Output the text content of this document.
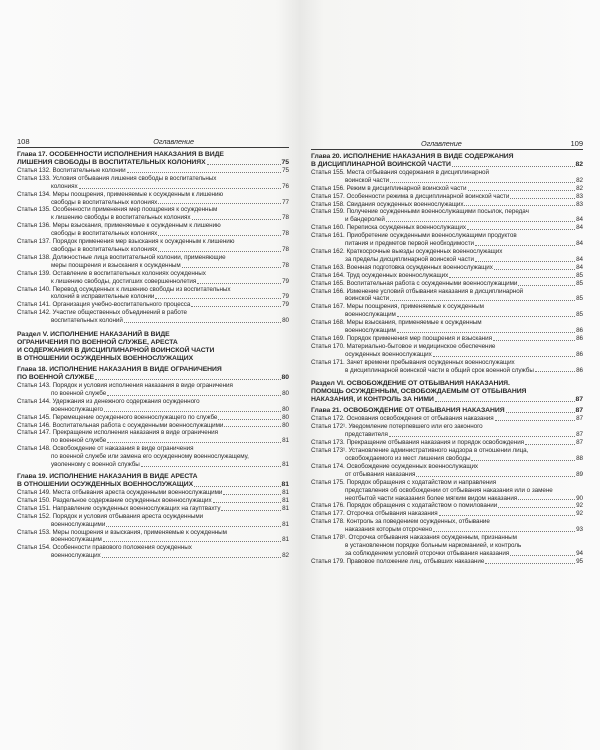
108	Оглавление
Глава 17. ОСОБЕННОСТИ ИСПОЛНЕНИЯ НАКАЗАНИЯ В ВИДЕ
ЛИШЕНИЯ СВОБОДЫ В ВОСПИТАТЕЛЬНЫХ КОЛОНИЯХ	75
Статья 132. Воспитательные колонии	75
Статья 133. Условия отбывания лишения свободы в воспитательных
колониях	76
Статья 134. Меры поощрения, применяемые к осужденным к лишению
свободы в воспитательных колониях	77
Статья 135. Особенности применения мер поощрения к осужденным
к лишению свободы в воспитательных колониях	78
Статья 136. Меры взыскания, применяемые к осужденным к лишению
свободы в воспитательных колониях	78
Статья 137. Порядок применения мер взыскания к осужденным к лишению
свободы в воспитательных колониях	78
Статья 138. Должностные лица воспитательной колонии, применяющие
меры поощрения и взыскания к осужденным	78
Статья 139. Оставление в воспитательных колониях осужденных
к лишению свободы, достигших совершеннолетия	79
Статья 140. Перевод осужденных к лишению свободы из воспитательных
колоний в исправительные колонии	79
Статья 141. Организация учебно-воспитательного процесса	79
Статья 142. Участие общественных объединений в работе
воспитательных колоний	80
Раздел V. ИСПОЛНЕНИЕ НАКАЗАНИЙ В ВИДЕ
ОГРАНИЧЕНИЯ ПО ВОЕННОЙ СЛУЖБЕ, АРЕСТА
И СОДЕРЖАНИЯ В ДИСЦИПЛИНАРНОЙ ВОИНСКОЙ ЧАСТИ
В ОТНОШЕНИИ ОСУЖДЕННЫХ ВОЕННОСЛУЖАЩИХ
Глава 18. ИСПОЛНЕНИЕ НАКАЗАНИЯ В ВИДЕ ОГРАНИЧЕНИЯ
ПО ВОЕННОЙ СЛУЖБЕ	80
Статья 143. Порядок и условия исполнения наказания в виде ограничения
по военной службе	80
Статья 144. Удержания из денежного содержания осужденного
военнослужащего	80
Статья 145. Перемещение осужденного военнослужащего по службе	80
Статья 146. Воспитательная работа с осужденными военнослужащими	80
Статья 147. Прекращение исполнения наказания в виде ограничения
по военной службе	81
Статья 148. Освобождение от наказания в виде ограничения
по военной службе или замена его осужденному военнослужащему,
уволенному с военной службы	81
Глава 19. ИСПОЛНЕНИЕ НАКАЗАНИЯ В ВИДЕ АРЕСТА
В ОТНОШЕНИИ ОСУЖДЕННЫХ ВОЕННОСЛУЖАЩИХ	81
Статья 149. Места отбывания ареста осужденными военнослужащими	81
Статья 150. Раздельное содержание осужденных военнослужащих	81
Статья 151. Направление осужденных военнослужащих на гауптвахту	81
Статья 152. Порядок и условия отбывания ареста осужденными
военнослужащими	81
Статья 153. Меры поощрения и взыскания, применяемые к осужденным
военнослужащим	81
Статья 154. Особенности правового положения осужденных
военнослужащих	82
Оглавление	109
Глава 20. ИСПОЛНЕНИЕ НАКАЗАНИЯ В ВИДЕ СОДЕРЖАНИЯ
В ДИСЦИПЛИНАРНОЙ ВОИНСКОЙ ЧАСТИ	82
Статья 155. Места отбывания содержания в дисциплинарной
воинской части	82
Статья 156. Режим в дисциплинарной воинской части	82
Статья 157. Особенности режима в дисциплинарной воинской части	83
Статья 158. Свидания осужденных военнослужащих	83
Статья 159. Получение осужденными военнослужащими посылок, передач
и бандеролей	84
Статья 160. Переписка осужденных военнослужащих	84
Статья 161. Приобретение осужденными военнослужащими продуктов
питания и предметов первой необходимости	84
Статья 162. Краткосрочные выезды осужденных военнослужащих
за пределы дисциплинарной воинской части	84
Статья 163. Военная подготовка осужденных военнослужащих	84
Статья 164. Труд осужденных военнослужащих	85
Статья 165. Воспитательная работа с осужденными военнослужащими	85
Статья 166. Изменение условий отбывания наказания в дисциплинарной
воинской части	85
Статья 167. Меры поощрения, применяемые к осужденным
военнослужащим	85
Статья 168. Меры взыскания, применяемые к осужденным
военнослужащим	86
Статья 169. Порядок применения мер поощрения и взыскания	86
Статья 170. Материально-бытовое и медицинское обеспечение
осужденных военнослужащих	86
Статья 171. Зачет времени пребывания осужденных военнослужащих
в дисциплинарной воинской части в общий срок военной службы	86
Раздел VI. ОСВОБОЖДЕНИЕ ОТ ОТБЫВАНИЯ НАКАЗАНИЯ.
ПОМОЩЬ ОСУЖДЕННЫМ, ОСВОБОЖДАЕМЫМ ОТ ОТБЫВАНИЯ
НАКАЗАНИЯ, И КОНТРОЛЬ ЗА НИМИ	87
Глава 21. ОСВОБОЖДЕНИЕ ОТ ОТБЫВАНИЯ НАКАЗАНИЯ	87
Статья 172. Основания освобождения от отбывания наказания	87
Статья 172¹. Уведомление потерпевшего или его законного
представителя	87
Статья 173. Прекращение отбывания наказания и порядок освобождения	87
Статья 173¹. Установление административного надзора в отношении лица,
освобождаемого из мест лишения свободы	88
Статья 174. Освобождение осужденных военнослужащих
от отбывания наказания	89
Статья 175. Порядок обращения с ходатайством и направления
представления об освобождении от отбывания наказания или о замене
неотбытой части наказания более мягким видом наказания	90
Статья 176. Порядок обращения с ходатайством о помиловании	92
Статья 177. Отсрочка отбывания наказания	92
Статья 178. Контроль за поведением осужденных, отбывание
наказания которым отсрочено	93
Статья 178¹. Отсрочка отбывания наказания осужденным, признанным
в установленном порядке больным наркоманией, и контроль
за соблюдением условий отсрочки отбывания наказания	94
Статья 179. Правовое положение лиц, отбывших наказание	95
